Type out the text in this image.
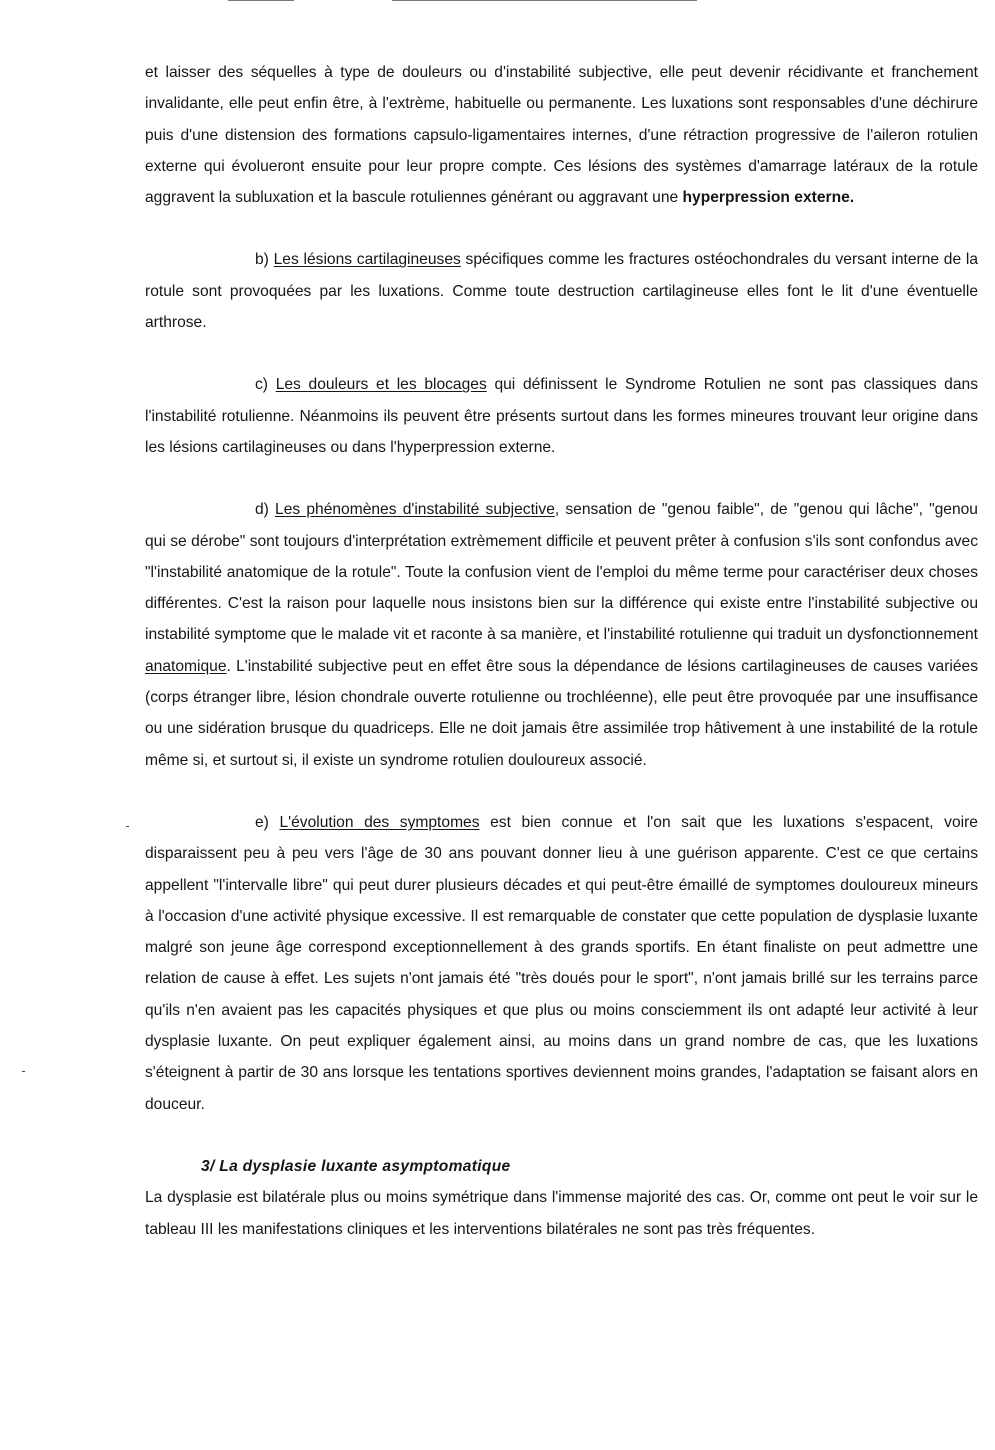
et laisser des séquelles à type de douleurs ou d'instabilité subjective, elle peut devenir récidivante et franchement invalidante, elle peut enfin être, à l'extrème, habituelle ou permanente. Les luxations sont responsables d'une déchirure puis d'une distension des formations capsulo-ligamentaires internes, d'une rétraction progressive de l'aileron rotulien externe qui évolueront ensuite pour leur propre compte. Ces lésions des systèmes d'amarrage latéraux de la rotule aggravent la subluxation et la bascule rotuliennes générant ou aggravant une hyperpression externe.

b) Les lésions cartilagineuses spécifiques comme les fractures ostéochondrales du versant interne de la rotule sont provoquées par les luxations. Comme toute destruction cartilagineuse elles font le lit d'une éventuelle arthrose.

c) Les douleurs et les blocages qui définissent le Syndrome Rotulien ne sont pas classiques dans l'instabilité rotulienne. Néanmoins ils peuvent être présents surtout dans les formes mineures trouvant leur origine dans les lésions cartilagineuses ou dans l'hyperpression externe.

d) Les phénomènes d'instabilité subjective, sensation de "genou faible", de "genou qui lâche", "genou qui se dérobe" sont toujours d'interprétation extrèmement difficile et peuvent prêter à confusion s'ils sont confondus avec "l'instabilité anatomique de la rotule". Toute la confusion vient de l'emploi du même terme pour caractériser deux choses différentes. C'est la raison pour laquelle nous insistons bien sur la différence qui existe entre l'instabilité subjective ou instabilité symptome que le malade vit et raconte à sa manière, et l'instabilité rotulienne qui traduit un dysfonctionnement anatomique. L'instabilité subjective peut en effet être sous la dépendance de lésions cartilagineuses de causes variées (corps étranger libre, lésion chondrale ouverte rotulienne ou trochléenne), elle peut être provoquée par une insuffisance ou une sidération brusque du quadriceps. Elle ne doit jamais être assimilée trop hâtivement à une instabilité de la rotule même si, et surtout si, il existe un syndrome rotulien douloureux associé.

e) L'évolution des symptomes est bien connue et l'on sait que les luxations s'espacent, voire disparaissent peu à peu vers l'âge de 30 ans pouvant donner lieu à une guérison apparente. C'est ce que certains appellent "l'intervalle libre" qui peut durer plusieurs décades et qui peut-être émaillé de symptomes douloureux mineurs à l'occasion d'une activité physique excessive. Il est remarquable de constater que cette population de dysplasie luxante malgré son jeune âge correspond exceptionnellement à des grands sportifs. En étant finaliste on peut admettre une relation de cause à effet. Les sujets n'ont jamais été "très doués pour le sport", n'ont jamais brillé sur les terrains parce qu'ils n'en avaient pas les capacités physiques et que plus ou moins consciemment ils ont adapté leur activité à leur dysplasie luxante. On peut expliquer également ainsi, au moins dans un grand nombre de cas, que les luxations s'éteignent à partir de 30 ans lorsque les tentations sportives deviennent moins grandes, l'adaptation se faisant alors en douceur.

3/ La dysplasie luxante asymptomatique

La dysplasie est bilatérale plus ou moins symétrique dans l'immense majorité des cas. Or, comme ont peut le voir sur le tableau III les manifestations cliniques et les interventions bilatérales ne sont pas très fréquentes.
